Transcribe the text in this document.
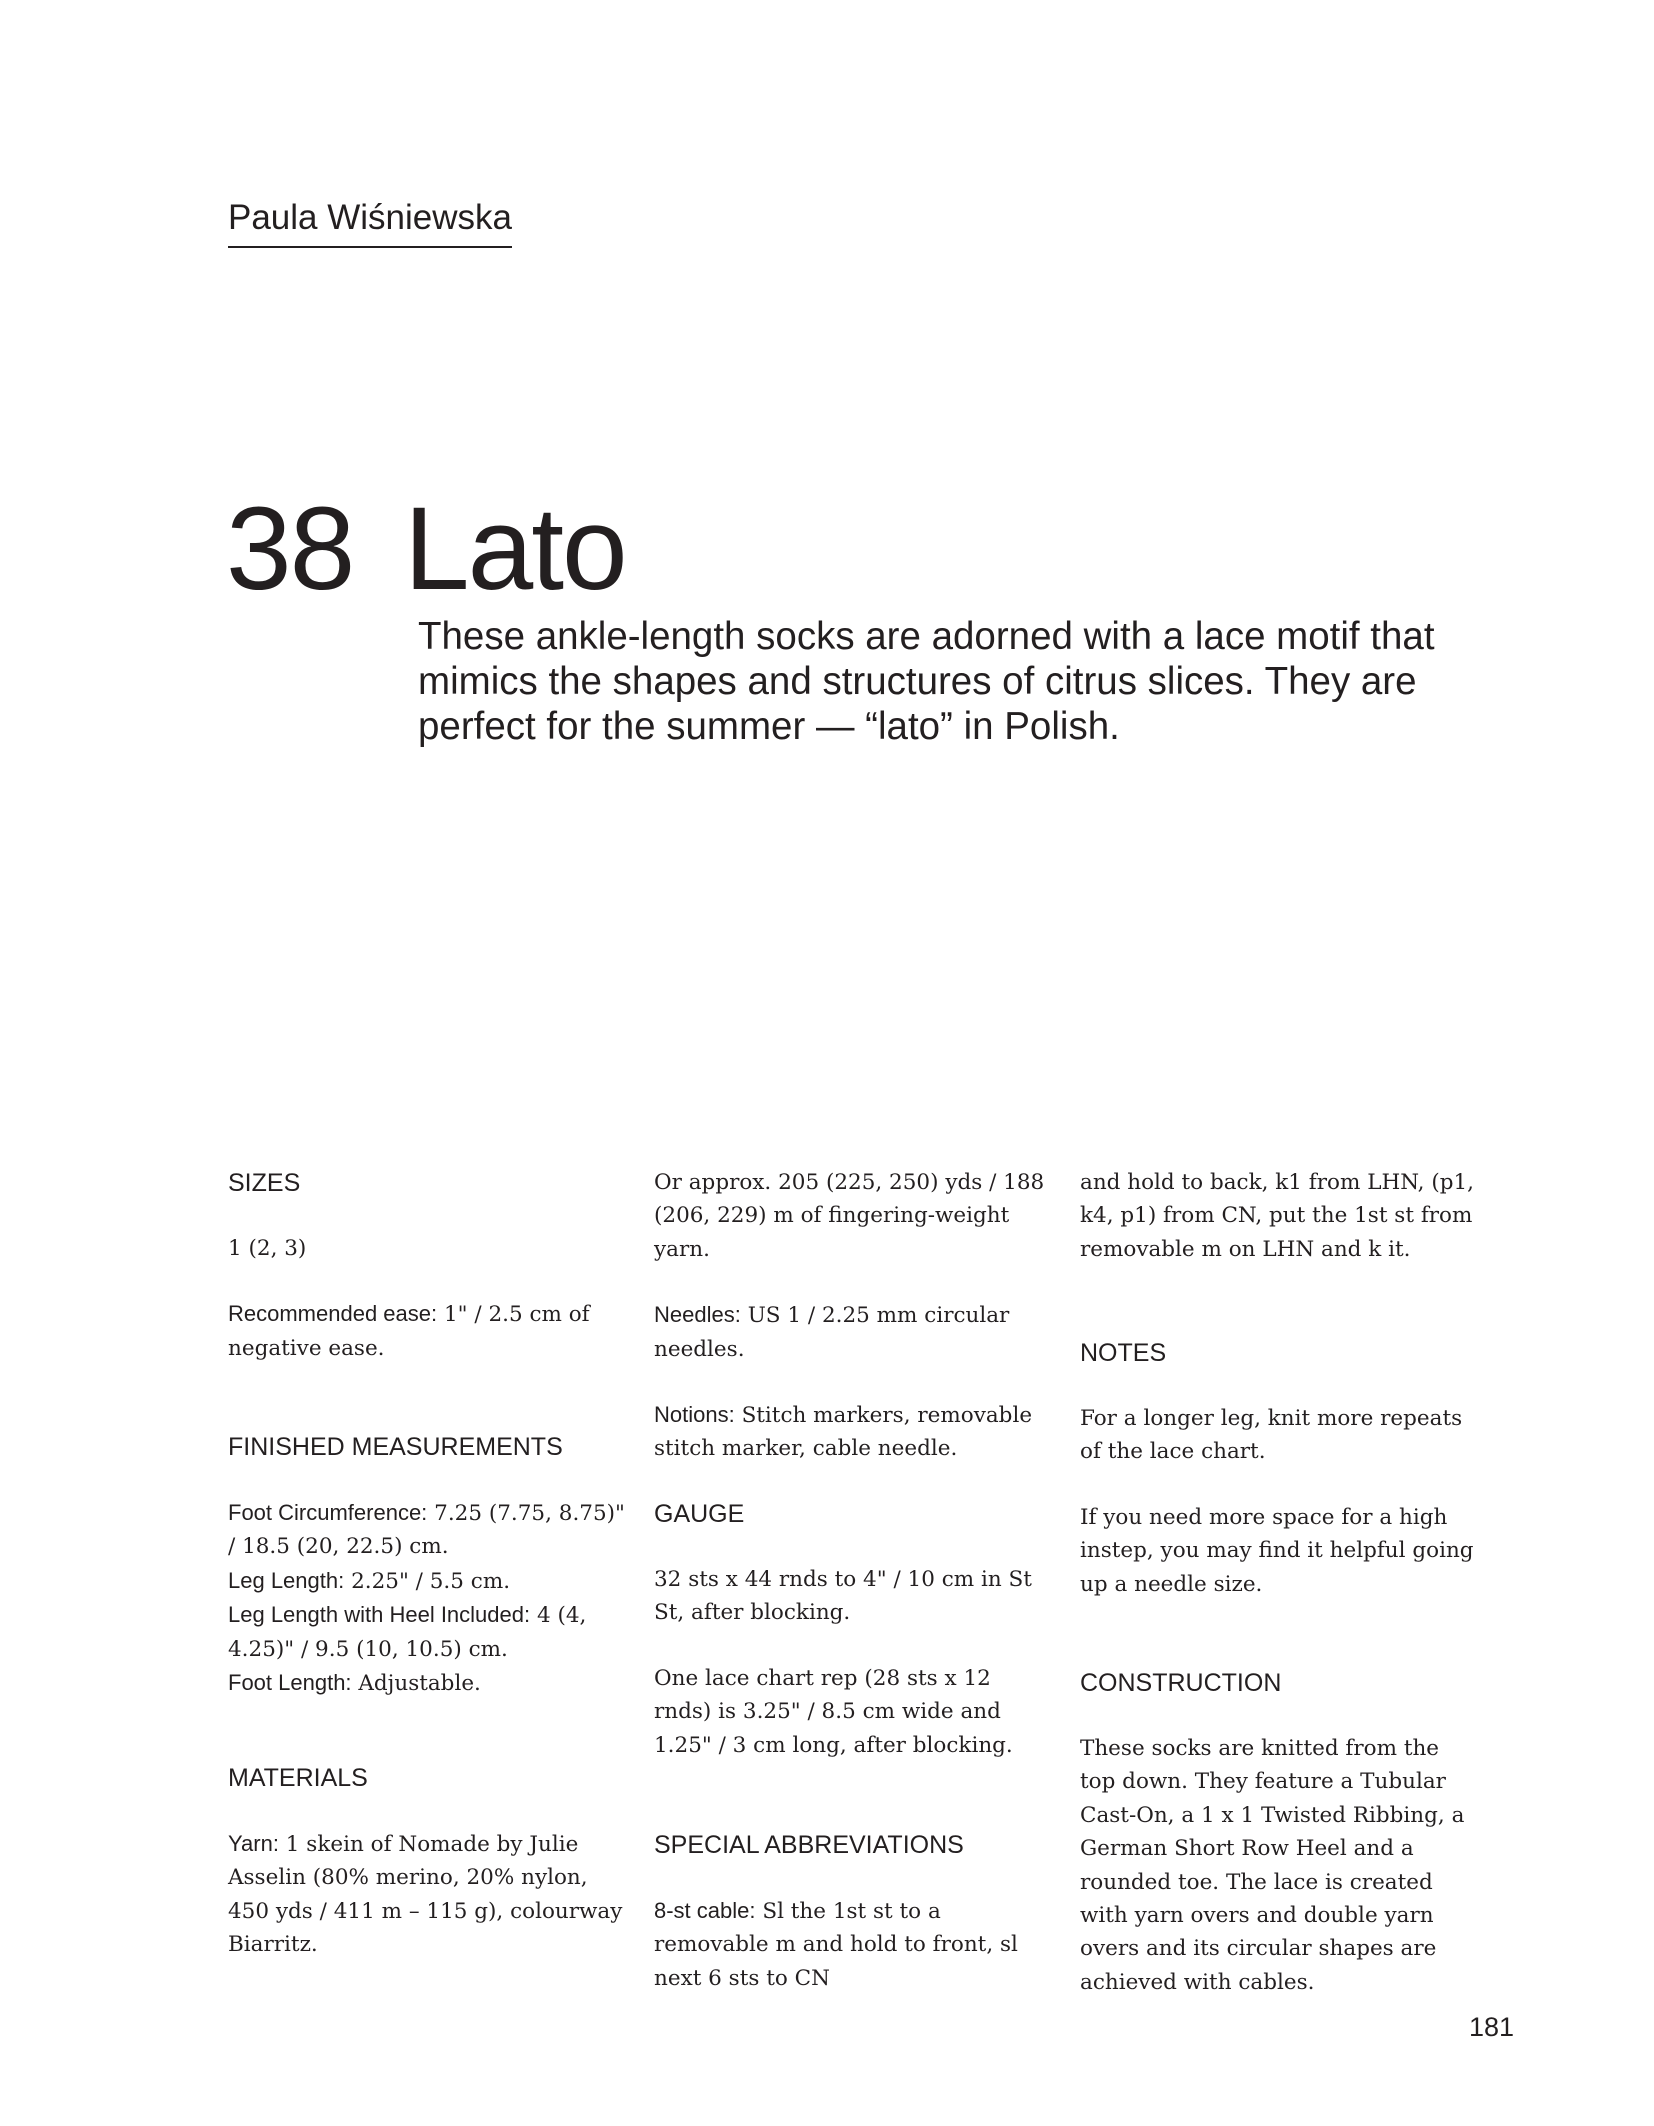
Paula Wiśniewska
38 Lato

These ankle-length socks are adorned with a lace motif that mimics the shapes and structures of citrus slices. They are perfect for the summer — “lato” in Polish.

SIZES

1 (2, 3)

Recommended ease: 1" / 2.5 cm of negative ease.

FINISHED MEASUREMENTS

Foot Circumference: 7.25 (7.75, 8.75)" / 18.5 (20, 22.5) cm.

Leg Length: 2.25" / 5.5 cm.

Leg Length with Heel Included: 4 (4, 4.25)" / 9.5 (10, 10.5) cm.

Foot Length: Adjustable.

MATERIALS

Yarn: 1 skein of Nomade by Julie Asselin (80% merino, 20% nylon, 450 yds / 411 m – 115 g), colourway Biarritz.

Or approx. 205 (225, 250) yds / 188 (206, 229) m of fingering-weight yarn.

Needles: US 1 / 2.25 mm circular needles.

Notions: Stitch markers, removable stitch marker, cable needle.

GAUGE

32 sts x 44 rnds to 4" / 10 cm in St St, after blocking.

One lace chart rep (28 sts x 12 rnds) is 3.25" / 8.5 cm wide and 1.25" / 3 cm long, after blocking.

SPECIAL ABBREVIATIONS

8-st cable: Sl the 1st st to a removable m and hold to front, sl next 6 sts to CN

and hold to back, k1 from LHN, (p1, k4, p1) from CN, put the 1st st from removable m on LHN and k it.

NOTES

For a longer leg, knit more repeats of the lace chart.

If you need more space for a high instep, you may find it helpful going up a needle size.

CONSTRUCTION

These socks are knitted from the top down. They feature a Tubular Cast-On, a 1 x 1 Twisted Ribbing, a German Short Row Heel and a rounded toe. The lace is created with yarn overs and double yarn overs and its circular shapes are achieved with cables.

181
